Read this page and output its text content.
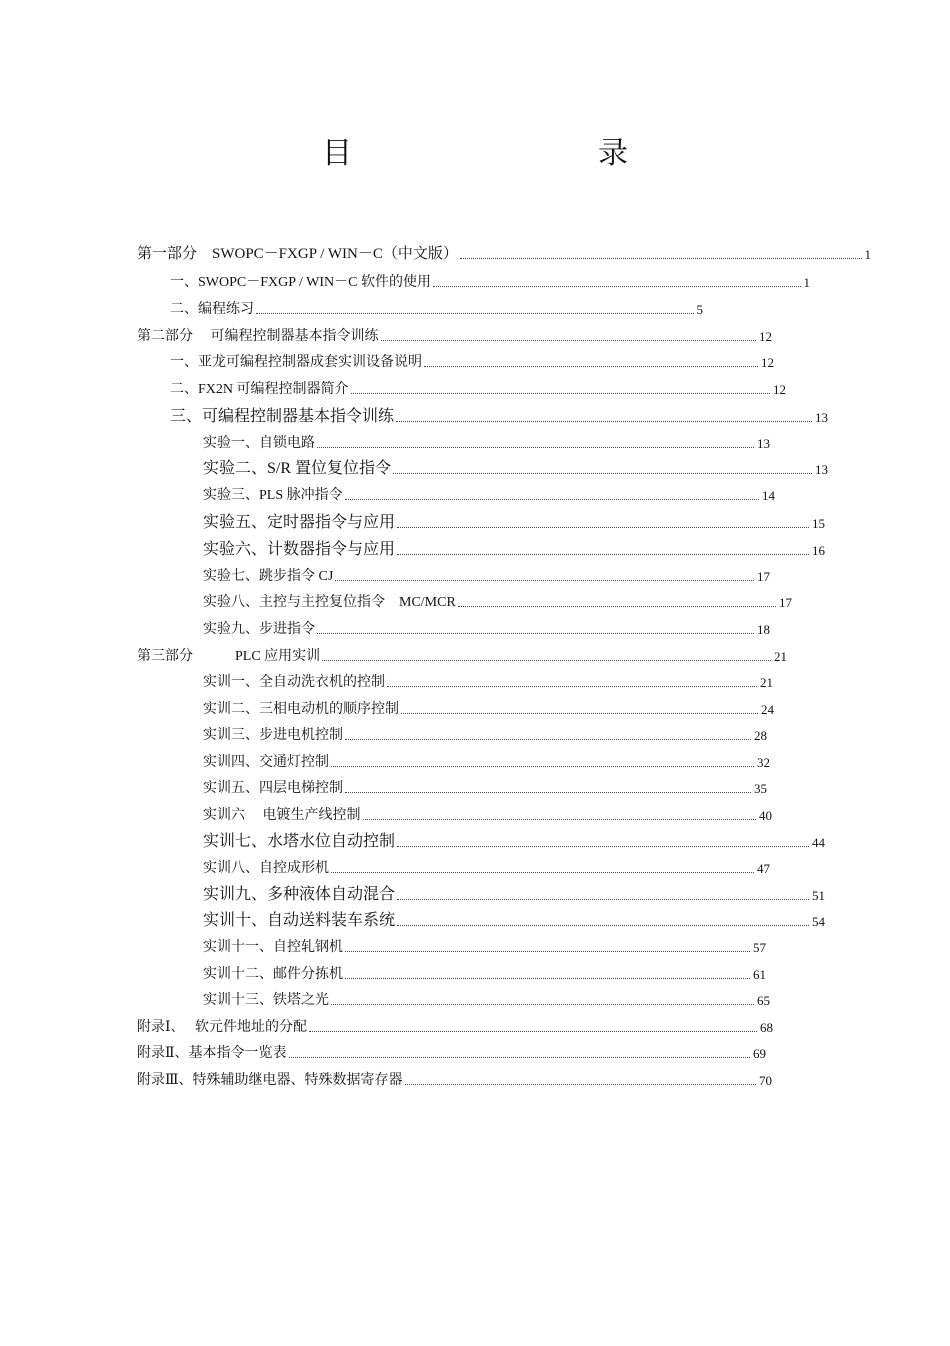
目　　录
第一部分　SWOPC－FXGP / WIN－C（中文版）	1
一、SWOPC－FXGP / WIN－C 软件的使用	1
二、编程练习	5
第二部分　 可编程控制器基本指令训练	12
一、亚龙可编程控制器成套实训设备说明	12
二、FX2N 可编程控制器简介	12
三、可编程控制器基本指令训练	13
实验一、自锁电路	13
实验二、S/R 置位复位指令	13
实验三、PLS 脉冲指令	14
实验五、定时器指令与应用	15
实验六、计数器指令与应用	16
实验七、跳步指令 CJ	17
实验八、主控与主控复位指令　MC/MCR	17
实验九、步进指令	18
第三部分　　　PLC 应用实训	21
实训一、全自动洗衣机的控制	21
实训二、三相电动机的顺序控制	24
实训三、步进电机控制	28
实训四、交通灯控制	32
实训五、四层电梯控制	35
实训六　 电镀生产线控制	40
实训七、水塔水位自动控制	44
实训八、自控成形机	47
实训九、多种液体自动混合	51
实训十、自动送料装车系统	54
实训十一、自控轧钢机	57
实训十二、邮件分拣机	61
实训十三、铁塔之光	65
附录Ⅰ、　 软元件地址的分配	68
附录Ⅱ、基本指令一览表	69
附录Ⅲ、特殊辅助继电器、特殊数据寄存器	70
